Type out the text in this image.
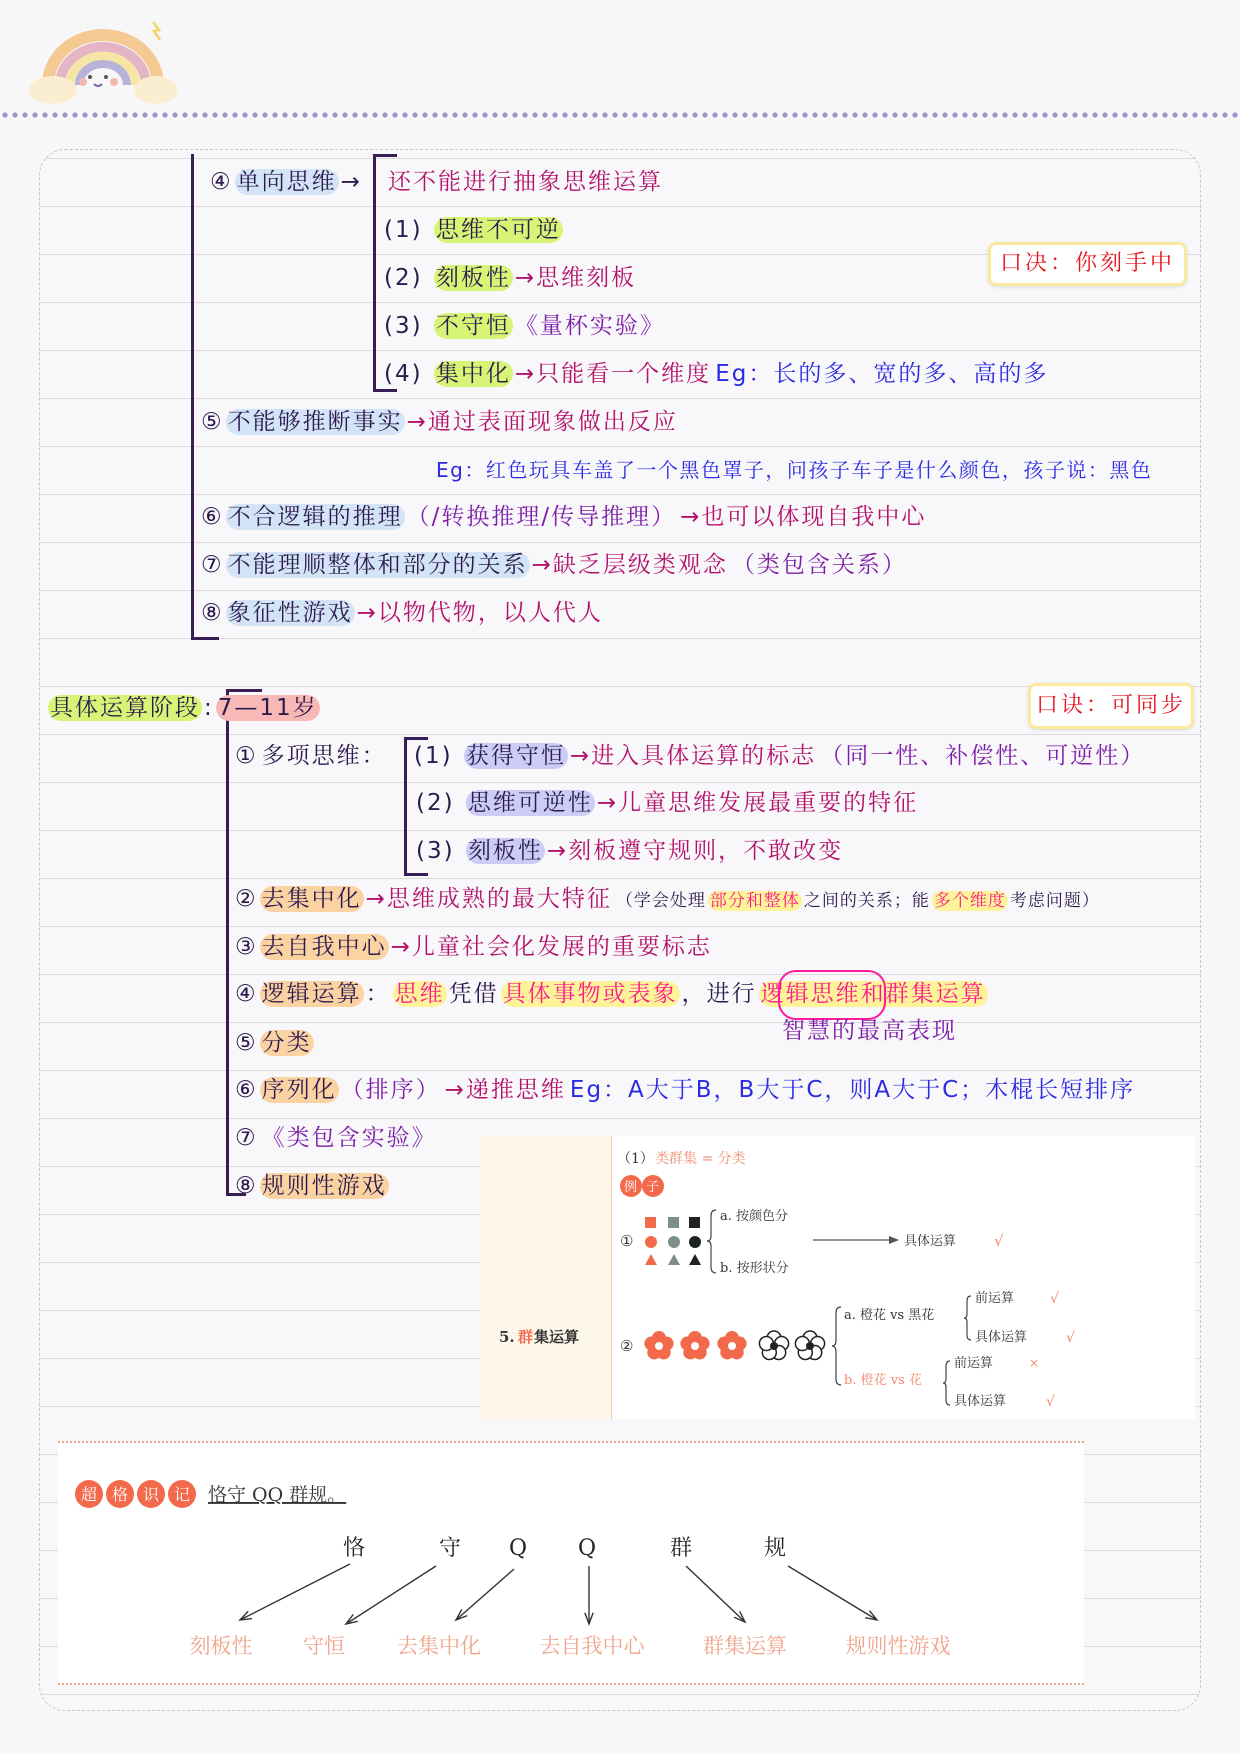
④ 单向思维 → 还不能进行抽象思维运算
(1) 思维不可逆
(2) 刻板性 →思维刻板
(3) 不守恒 《量杯实验》
(4) 集中化 →只能看一个维度 Eg：长的多、宽的多、高的多
⑤ 不能够推断事实 →通过表面现象做出反应
Eg：红色玩具车盖了一个黑色罩子，问孩子车子是什么颜色，孩子说：黑色
⑥ 不合逻辑的推理 （/转换推理/传导推理） →也可以体现自我中心
⑦ 不能理顺整体和部分的关系 →缺乏层级类观念 （类包含关系）
⑧ 象征性游戏 →以物代物，以人代人
口决：你刻手中
具体运算阶段 : 7—11岁	口诀：可同步
① 多项思维： (1) 获得守恒 →进入具体运算的标志 （同一性、补偿性、可逆性）
(2) 思维可逆性 →儿童思维发展最重要的特征
(3) 刻板性 →刻板遵守规则，不敢改变
② 去集中化 →思维成熟的最大特征 （学会处理 部分和整体 之间的关系；能 多个维度 考虑问题）
③ 去自我中心 →儿童社会化发展的重要标志
④ 逻辑运算 ： 思维 凭借 具体事物或表象 ，进行 逻辑思维和群集运算
智慧的最高表现
⑤ 分类
⑥ 序列化 （排序） →递推思维 Eg：A大于B，B大于C，则A大于C；木棍长短排序
⑦ 《类包含实验》
⑧ 规则性游戏
5. 群 集运算
（1） 类群集 = 分类
例 子
①
a. 按颜色分
b. 按形状分
具体运算	√
②
a. 橙花 vs 黑花
前运算	√
具体运算	√
b. 橙花 vs 花
前运算	×
具体运算	√
超 格 识 记 恪守 QQ 群规。
恪	守 Q Q	群	规
刻板性 守恒 去集中化	去自我中心	群集运算	规则性游戏
